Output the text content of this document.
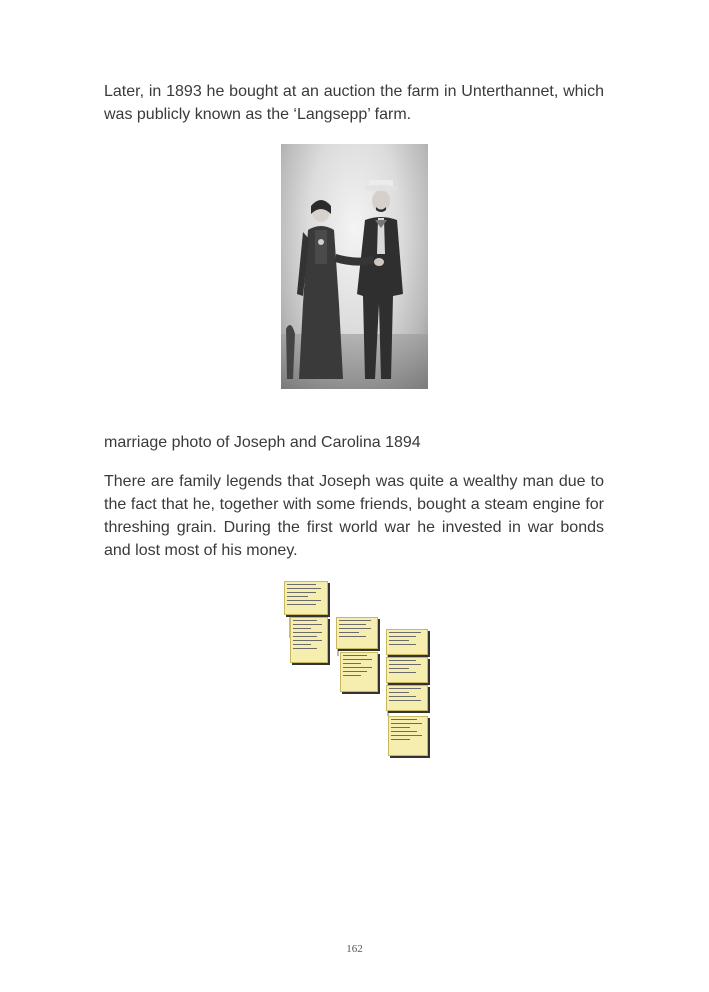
Later, in 1893 he bought at an auction the farm in Unterthannet, which was publicly known as the ‘Langsepp’ farm.

marriage photo of Joseph and Carolina 1894

There are family legends that Joseph was quite a wealthy man due to the fact that he, together with some friends, bought a steam engine for threshing grain. During the first world war he invested in war bonds and lost most of his money.

162
